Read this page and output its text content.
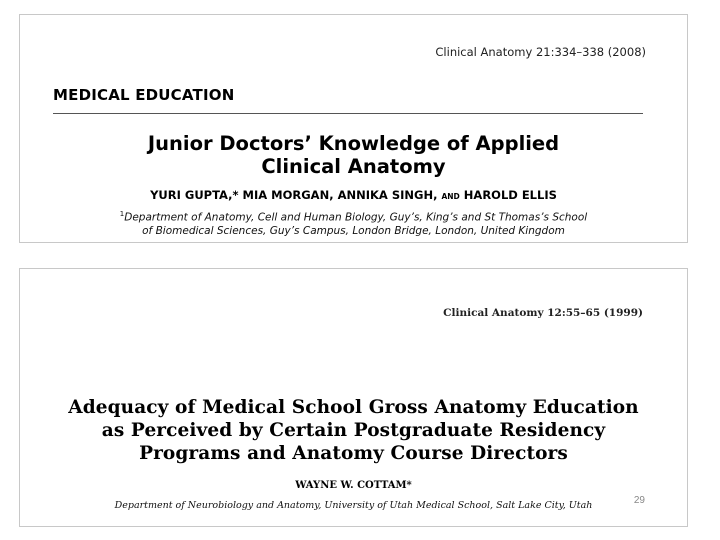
Clinical Anatomy 21:334–338 (2008)
MEDICAL EDUCATION
Junior Doctors’ Knowledge of Applied
Clinical Anatomy
YURI GUPTA,* MIA MORGAN, ANNIKA SINGH, AND HAROLD ELLIS
$^1$Department of Anatomy, Cell and Human Biology, Guy’s, King’s and St Thomas’s School
of Biomedical Sciences, Guy’s Campus, London Bridge, London, United Kingdom
Clinical Anatomy 12:55–65 (1999)
Adequacy of Medical School Gross Anatomy Education
as Perceived by Certain Postgraduate Residency
Programs and Anatomy Course Directors
WAYNE W. COTTAM*
Department of Neurobiology and Anatomy, University of Utah Medical School, Salt Lake City, Utah	29
